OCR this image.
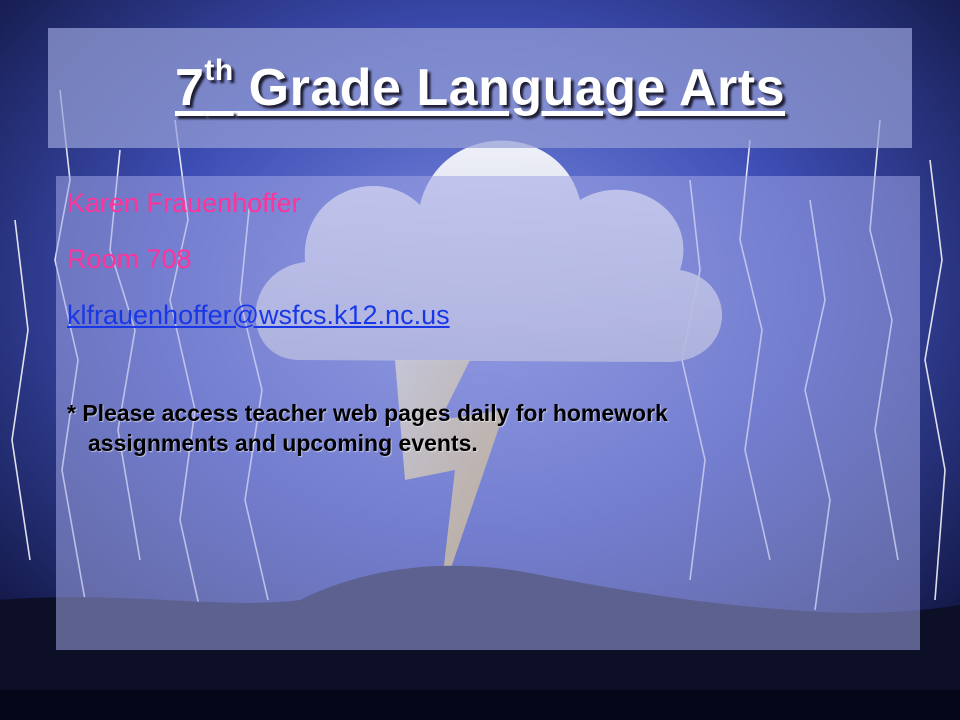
7th Grade Language Arts
Karen Frauenhoffer
Room 708
klfrauenhoffer@wsfcs.k12.nc.us
* Please access teacher web pages daily for homework
assignments and upcoming events.
